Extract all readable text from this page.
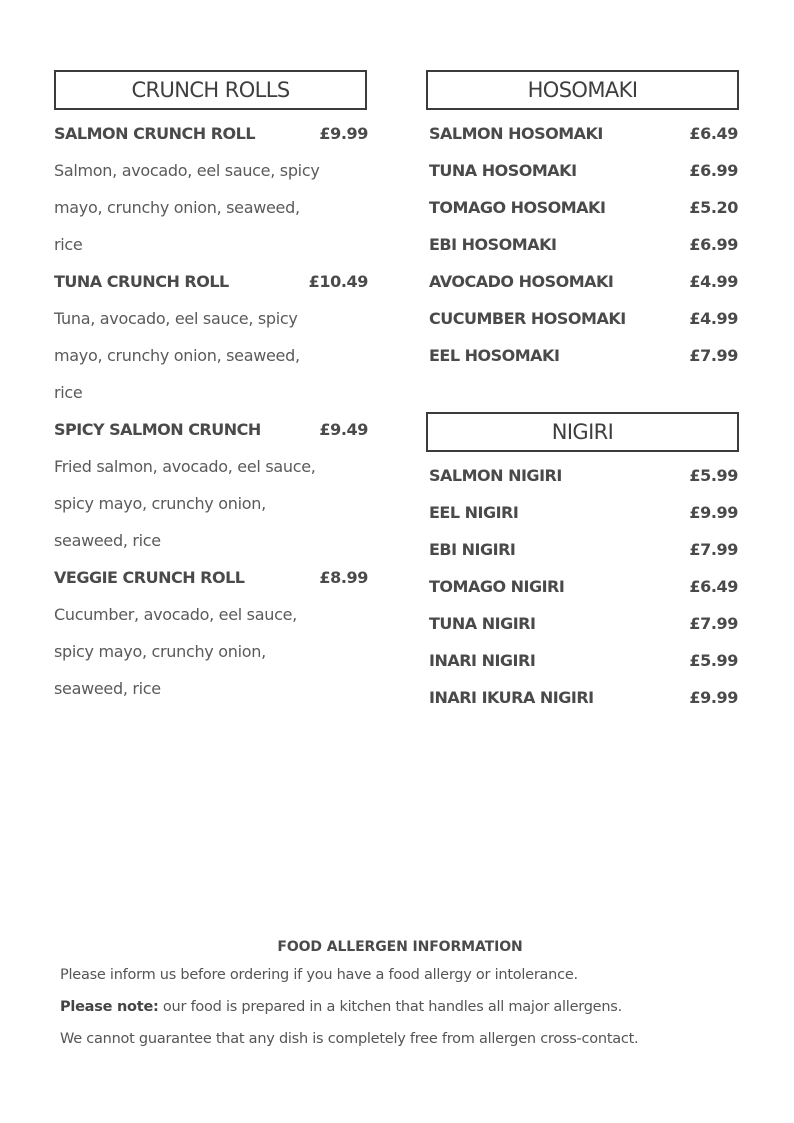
CRUNCH ROLLS
SALMON CRUNCH ROLL	£9.99
Salmon, avocado, eel sauce, spicy
mayo, crunchy onion, seaweed,
rice
TUNA CRUNCH ROLL	£10.49
Tuna, avocado, eel sauce, spicy
mayo, crunchy onion, seaweed,
rice
SPICY SALMON CRUNCH	£9.49
Fried salmon, avocado, eel sauce,
spicy mayo, crunchy onion,
seaweed, rice
VEGGIE CRUNCH ROLL	£8.99
Cucumber, avocado, eel sauce,
spicy mayo, crunchy onion,
seaweed, rice
HOSOMAKI
SALMON HOSOMAKI	£6.49
TUNA HOSOMAKI	£6.99
TOMAGO HOSOMAKI	£5.20
EBI HOSOMAKI	£6.99
AVOCADO HOSOMAKI	£4.99
CUCUMBER HOSOMAKI	£4.99
EEL HOSOMAKI	£7.99
NIGIRI
SALMON NIGIRI	£5.99
EEL NIGIRI	£9.99
EBI NIGIRI	£7.99
TOMAGO NIGIRI	£6.49
TUNA NIGIRI	£7.99
INARI NIGIRI	£5.99
INARI IKURA NIGIRI	£9.99
FOOD ALLERGEN INFORMATION
Please inform us before ordering if you have a food allergy or intolerance.
Please note: our food is prepared in a kitchen that handles all major allergens.
We cannot guarantee that any dish is completely free from allergen cross-contact.
